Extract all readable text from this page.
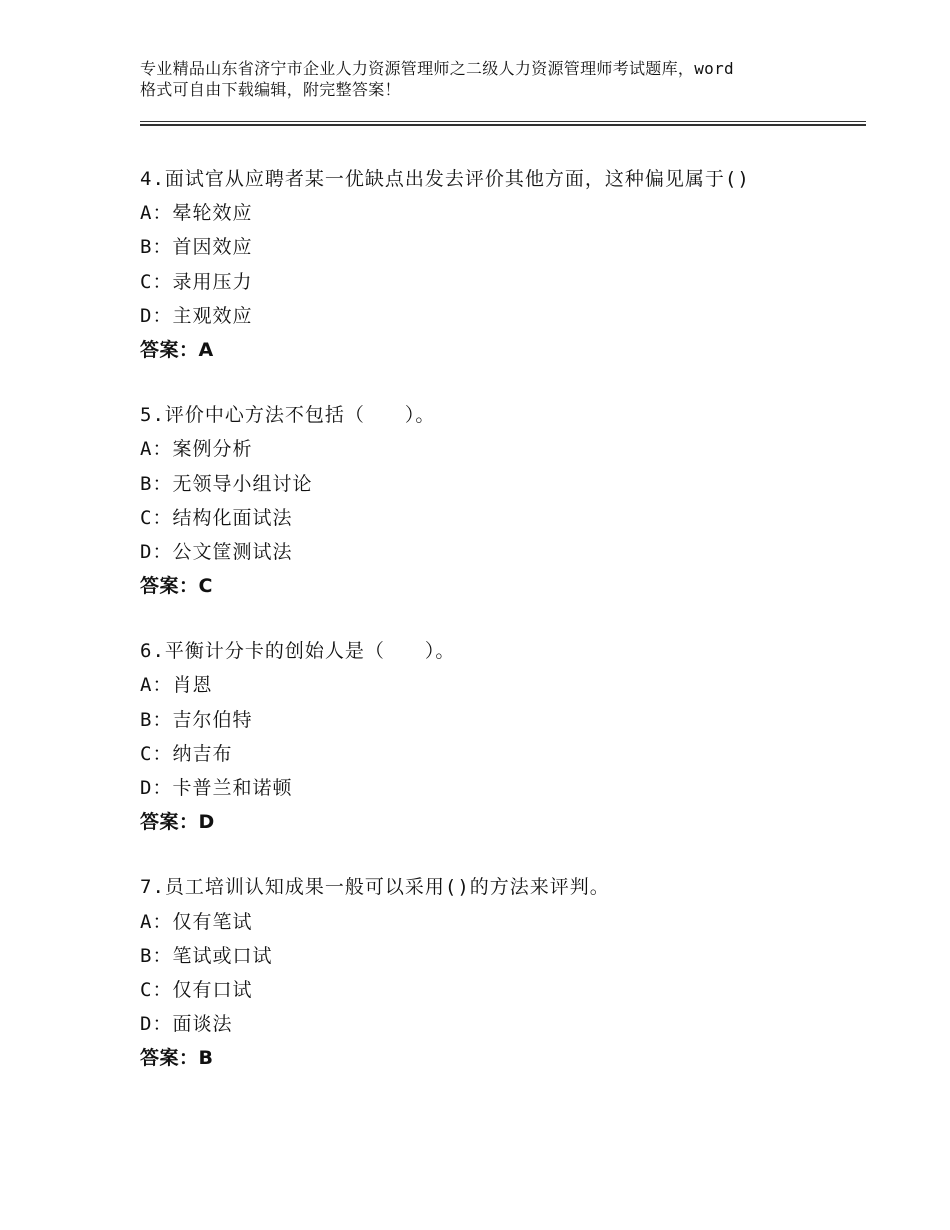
专业精品山东省济宁市企业人力资源管理师之二级人力资源管理师考试题库，word
格式可自由下载编辑，附完整答案！
4.面试官从应聘者某一优缺点出发去评价其他方面，这种偏见属于()
A：晕轮效应
B：首因效应
C：录用压力
D：主观效应
答案：A
5.评价中心方法不包括（　　）。
A：案例分析
B：无领导小组讨论
C：结构化面试法
D：公文筐测试法
答案：C
6.平衡计分卡的创始人是（　　）。
A：肖恩
B：吉尔伯特
C：纳吉布
D：卡普兰和诺顿
答案：D
7.员工培训认知成果一般可以采用()的方法来评判。
A：仅有笔试
B：笔试或口试
C：仅有口试
D：面谈法
答案：B
